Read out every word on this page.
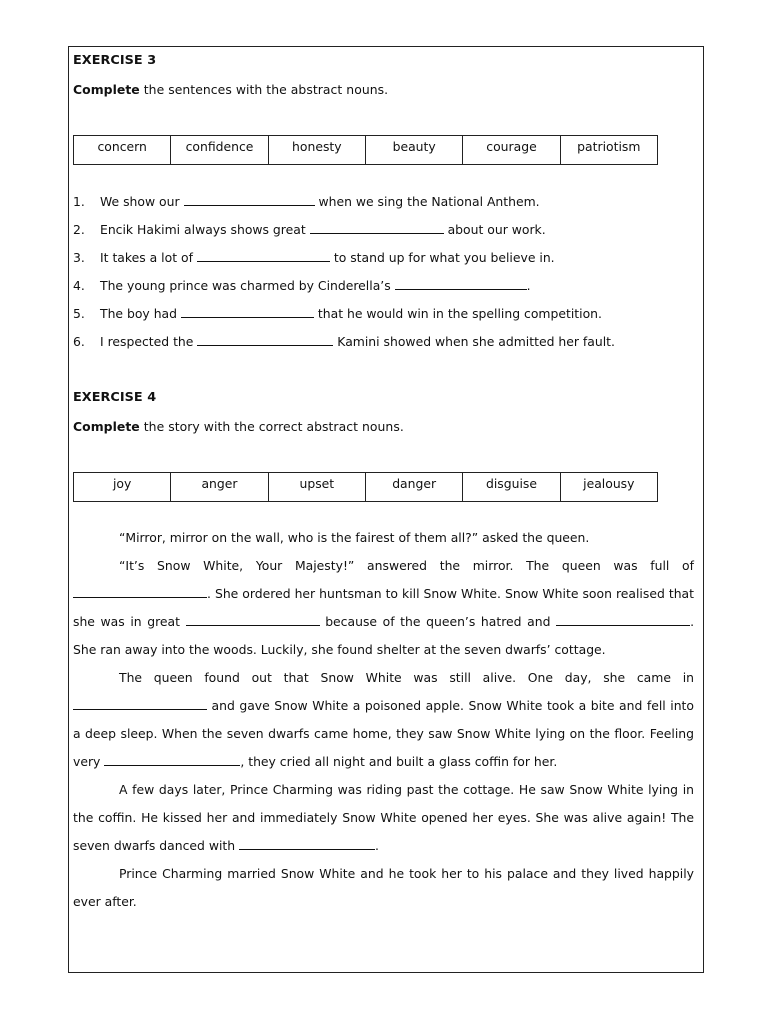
EXERCISE 3
Complete the sentences with the abstract nouns.
concern	confidence	honesty	beauty	courage	patriotism
1. We show our	when we sing the National Anthem.
2. Encik Hakimi always shows great	about our work.
3. It takes a lot of	to stand up for what you believe in.
4. The young prince was charmed by Cinderella’s	.
5. The boy had	that he would win in the spelling competition.
6. I respected the	Kamini showed when she admitted her fault.
EXERCISE 4
Complete the story with the correct abstract nouns.
joy	anger	upset	danger	disguise	jealousy

“Mirror, mirror on the wall, who is the fairest of them all?” asked the queen.

“It’s Snow White, Your Majesty!” answered the mirror. The queen was full of . She ordered her huntsman to kill Snow White. Snow White soon realised that she was in great	because of the queen’s hatred and	. She ran away into the woods. Luckily, she found shelter at the seven dwarfs’ cottage.

The queen found out that Snow White was still alive. One day, she came in  and gave Snow White a poisoned apple. Snow White took a bite and fell into a deep sleep. When the seven dwarfs came home, they saw Snow White lying on the floor. Feeling very	, they cried all night and built a glass coffin for her.

A few days later, Prince Charming was riding past the cottage. He saw Snow White lying in the coffin. He kissed her and immediately Snow White opened her eyes. She was alive again! The seven dwarfs danced with	.

Prince Charming married Snow White and he took her to his palace and they lived happily ever after.
